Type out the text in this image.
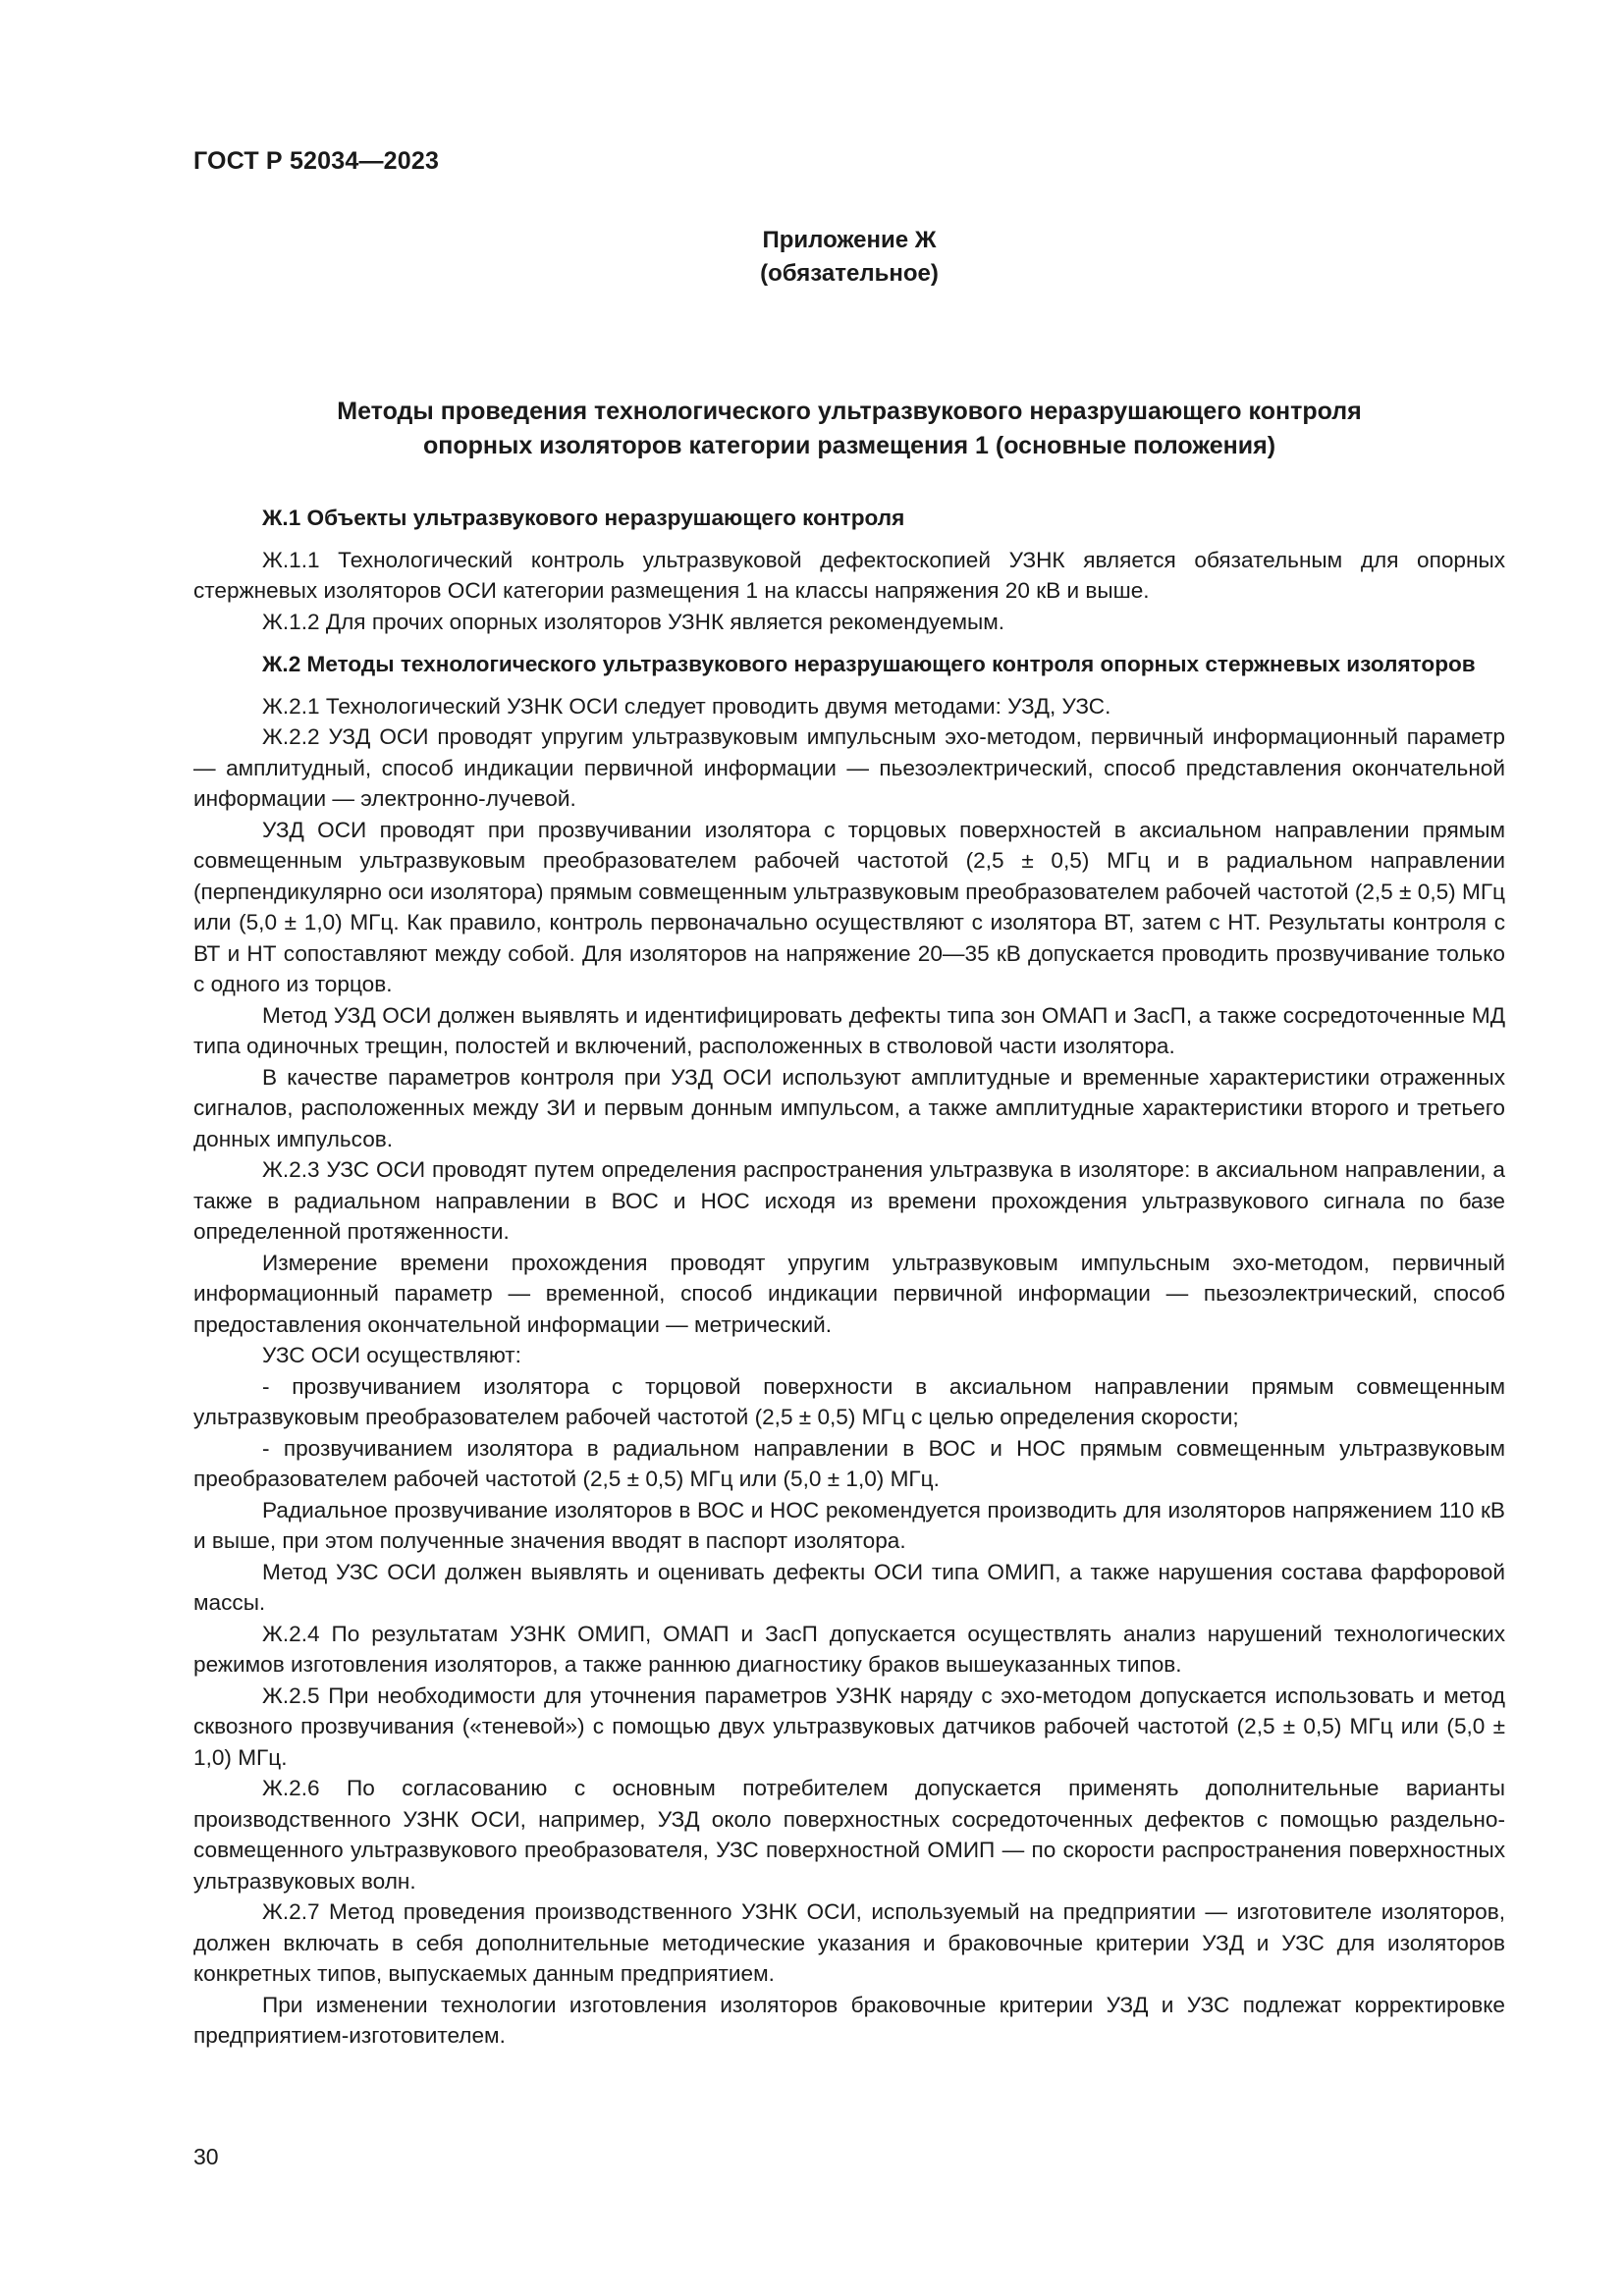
ГОСТ Р 52034—2023
Приложение Ж
(обязательное)
Методы проведения технологического ультразвукового неразрушающего контроля
опорных изоляторов категории размещения 1 (основные положения)
Ж.1 Объекты ультразвукового неразрушающего контроля

Ж.1.1 Технологический контроль ультразвуковой дефектоскопией УЗНК является обязательным для опорных стержневых изоляторов ОСИ категории размещения 1 на классы напряжения 20 кВ и выше.

Ж.1.2 Для прочих опорных изоляторов УЗНК является рекомендуемым.

Ж.2 Методы технологического ультразвукового неразрушающего контроля опорных стержневых изоляторов

Ж.2.1 Технологический УЗНК ОСИ следует проводить двумя методами: УЗД, УЗС.

Ж.2.2 УЗД ОСИ проводят упругим ультразвуковым импульсным эхо-методом, первичный информационный параметр — амплитудный, способ индикации первичной информации — пьезоэлектрический, способ представления окончательной информации — электронно-лучевой.

УЗД ОСИ проводят при прозвучивании изолятора с торцовых поверхностей в аксиальном направлении прямым совмещенным ультразвуковым преобразователем рабочей частотой (2,5 ± 0,5) МГц и в радиальном направлении (перпендикулярно оси изолятора) прямым совмещенным ультразвуковым преобразователем рабочей частотой (2,5 ± 0,5) МГц или (5,0 ± 1,0) МГц. Как правило, контроль первоначально осуществляют с изолятора ВТ, затем с НТ. Результаты контроля с ВТ и НТ сопоставляют между собой. Для изоляторов на напряжение 20—35 кВ допускается проводить прозвучивание только с одного из торцов.

Метод УЗД ОСИ должен выявлять и идентифицировать дефекты типа зон ОМАП и ЗасП, а также сосредоточенные МД типа одиночных трещин, полостей и включений, расположенных в стволовой части изолятора.

В качестве параметров контроля при УЗД ОСИ используют амплитудные и временные характеристики отраженных сигналов, расположенных между ЗИ и первым донным импульсом, а также амплитудные характеристики второго и третьего донных импульсов.

Ж.2.3 УЗС ОСИ проводят путем определения распространения ультразвука в изоляторе: в аксиальном направлении, а также в радиальном направлении в ВОС и НОС исходя из времени прохождения ультразвукового сигнала по базе определенной протяженности.

Измерение времени прохождения проводят упругим ультразвуковым импульсным эхо-методом, первичный информационный параметр — временной, способ индикации первичной информации — пьезоэлектрический, способ предоставления окончательной информации — метрический.

УЗС ОСИ осуществляют:

- прозвучиванием изолятора с торцовой поверхности в аксиальном направлении прямым совмещенным ультразвуковым преобразователем рабочей частотой (2,5 ± 0,5) МГц с целью определения скорости;

- прозвучиванием изолятора в радиальном направлении в ВОС и НОС прямым совмещенным ультразвуковым преобразователем рабочей частотой (2,5 ± 0,5) МГц или (5,0 ± 1,0) МГц.

Радиальное прозвучивание изоляторов в ВОС и НОС рекомендуется производить для изоляторов напряжением 110 кВ и выше, при этом полученные значения вводят в паспорт изолятора.

Метод УЗС ОСИ должен выявлять и оценивать дефекты ОСИ типа ОМИП, а также нарушения состава фарфоровой массы.

Ж.2.4 По результатам УЗНК ОМИП, ОМАП и ЗасП допускается осуществлять анализ нарушений технологических режимов изготовления изоляторов, а также раннюю диагностику браков вышеуказанных типов.

Ж.2.5 При необходимости для уточнения параметров УЗНК наряду с эхо-методом допускается использовать и метод сквозного прозвучивания («теневой») с помощью двух ультразвуковых датчиков рабочей частотой (2,5 ± 0,5) МГц или (5,0 ± 1,0) МГц.

Ж.2.6 По согласованию с основным потребителем допускается применять дополнительные варианты производственного УЗНК ОСИ, например, УЗД около поверхностных сосредоточенных дефектов с помощью раздельно-совмещенного ультразвукового преобразователя, УЗС поверхностной ОМИП — по скорости распространения поверхностных ультразвуковых волн.

Ж.2.7 Метод проведения производственного УЗНК ОСИ, используемый на предприятии — изготовителе изоляторов, должен включать в себя дополнительные методические указания и браковочные критерии УЗД и УЗС для изоляторов конкретных типов, выпускаемых данным предприятием.

При изменении технологии изготовления изоляторов браковочные критерии УЗД и УЗС подлежат корректировке предприятием-изготовителем.

30
